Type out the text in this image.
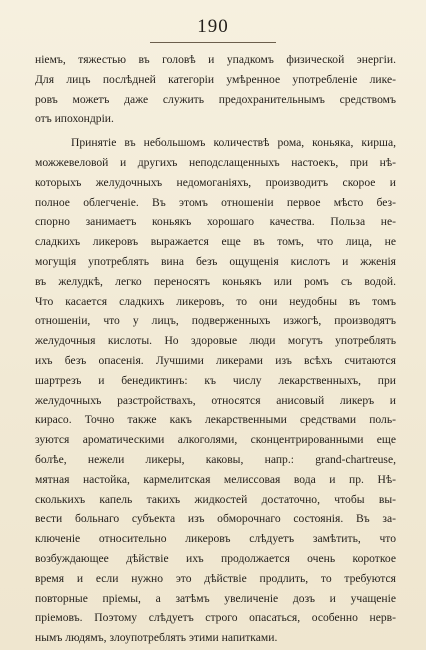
190
ніемъ, тяжестью въ головѣ и упадкомъ физической энергіи.
Для лицъ послѣдней категоріи умѣренное употребленіе лике-
ровъ можетъ даже служить предохранительнымъ средствомъ
отъ ипохондріи.
Принятіе въ небольшомъ количествѣ рома, коньяка, кирша,
можжевеловой и другихъ неподслащенныхъ настоекъ, при нѣ-
которыхъ желудочныхъ недомоганіяхъ, производитъ скорое и
полное облегченіе. Въ этомъ отношеніи первое мѣсто без-
спорно занимаетъ коньякъ хорошаго качества. Польза не-
сладкихъ ликеровъ выражается еще въ томъ, что лица, не
могущія употреблять вина безъ ощущенія кислотъ и жженія
въ желудкѣ, легко переносятъ коньякъ или ромъ съ водой.
Что касается сладкихъ ликеровъ, то они неудобны въ томъ
отношеніи, что у лицъ, подверженныхъ изжогѣ, производятъ
желудочныя кислоты. Но здоровые люди могутъ употреблять
ихъ безъ опасенія. Лучшими ликерами изъ всѣхъ считаются
шартрезъ и бенедиктинъ: къ числу лекарственныхъ, при
желудочныхъ разстройствахъ, относятся анисовый ликеръ и
кирасо. Точно также какъ лекарственными средствами поль-
зуются ароматическими алкоголями, сконцентрированными еще
болѣе, нежели ликеры, каковы, напр.: grand-chartreuse,
мятная настойка, кармелитская мелиссовая вода и пр. Нѣ-
сколькихъ капель такихъ жидкостей достаточно, чтобы вы-
вести больнаго субъекта изъ обморочнаго состоянія. Въ за-
ключеніе относительно ликеровъ слѣдуетъ замѣтить, что
возбуждающее дѣйствіе ихъ продолжается очень короткое
время и если нужно это дѣйствіе продлить, то требуются
повторные пріемы, а затѣмъ увеличеніе дозъ и учащеніе
пріемовъ. Поэтому слѣдуетъ строго опасаться, особенно нерв-
нымъ людямъ, злоупотреблять этими напитками.
